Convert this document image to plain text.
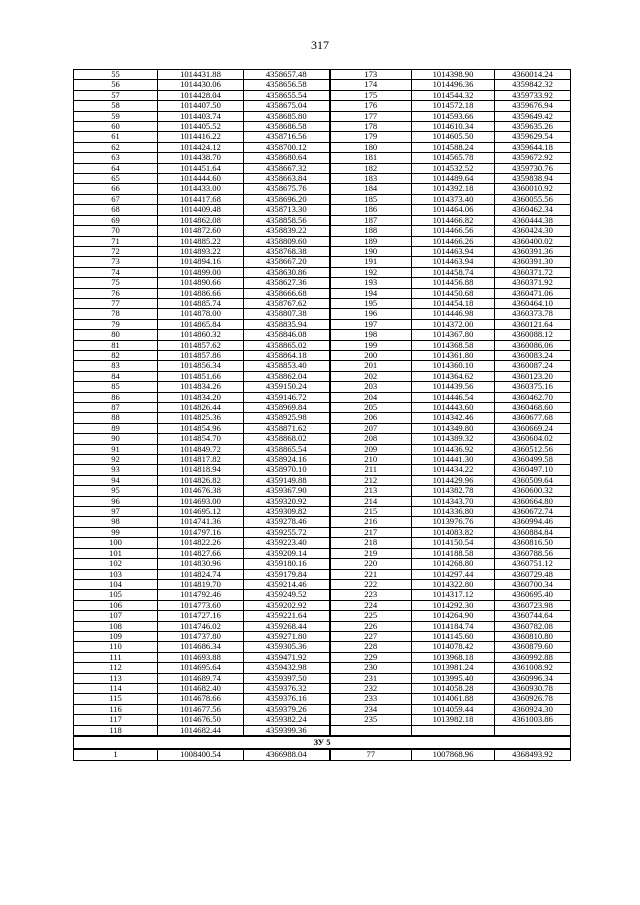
317
55	1014431.88	4358657.48	173	1014398.90	4360014.24
56	1014430.06	4358656.58	174	1014496.36	4359842.32
57	1014428.04	4358655.54	175	1014544.32	4359733.92
58	1014407.50	4358675.04	176	1014572.18	4359676.94
59	1014403.74	4358685.80	177	1014593.66	4359649.42
60	1014405.52	4358686.58	178	1014610.34	4359635.26
61	1014416.22	4358716.56	179	1014605.50	4359629.54
62	1014424.12	4358700.12	180	1014588.24	4359644.18
63	1014438.70	4358680.64	181	1014565.78	4359672.92
64	1014451.64	4358667.32	182	1014532.52	4359730.76
65	1014444.60	4358663.84	183	1014489.64	4359838.94
66	1014433.00	4358675.76	184	1014392.18	4360010.92
67	1014417.68	4358696.20	185	1014373.40	4360055.56
68	1014409.48	4358713.30	186	1014464.06	4360462.34
69	1014862.08	4358858.56	187	1014466.82	4360444.38
70	1014872.60	4358839.22	188	1014466.56	4360424.30
71	1014885.22	4358809.60	189	1014466.26	4360400.02
72	1014893.22	4358768.38	190	1014463.94	4360391.36
73	1014894.16	4358667.20	191	1014463.94	4360391.30
74	1014899.00	4358630.86	192	1014458.74	4360371.72
75	1014890.66	4358627.36	193	1014456.88	4360371.92
76	1014886.66	4358666.68	194	1014450.68	4360471.06
77	1014885.74	4358767.62	195	1014454.18	4360464.10
78	1014878.00	4358807.38	196	1014446.98	4360373.78
79	1014865.84	4358835.94	197	1014372.00	4360121.64
80	1014860.32	4358846.08	198	1014367.80	4360088.12
81	1014857.62	4358865.02	199	1014368.58	4360086.06
82	1014857.86	4358864.18	200	1014361.80	4360083.24
83	1014856.34	4358853.40	201	1014360.10	4360087.24
84	1014851.66	4358862.04	202	1014364.62	4360123.20
85	1014834.26	4359150.24	203	1014439.56	4360375.16
86	1014834.20	4359146.72	204	1014446.54	4360462.70
87	1014826.44	4358969.84	205	1014443.60	4360468.60
88	1014825.36	4358925.98	206	1014342.46	4360677.68
89	1014854.96	4358871.62	207	1014349.80	4360669.24
90	1014854.70	4358868.02	208	1014389.32	4360604.02
91	1014849.72	4358865.54	209	1014436.92	4360512.56
92	1014817.82	4358924.16	210	1014441.30	4360499.58
93	1014818.94	4358970.10	211	1014434.22	4360497.10
94	1014826.82	4359149.88	212	1014429.96	4360509.64
95	1014676.38	4359367.90	213	1014382.78	4360600.32
96	1014693.00	4359320.92	214	1014343.70	4360664.80
97	1014695.12	4359309.82	215	1014336.80	4360672.74
98	1014741.36	4359278.46	216	1013976.76	4360994.46
99	1014797.16	4359255.72	217	1014083.82	4360884.84
100	1014822.26	4359223.40	218	1014150.54	4360816.50
101	1014827.66	4359209.14	219	1014188.58	4360788.56
102	1014830.96	4359180.16	220	1014268.80	4360751.12
103	1014824.74	4359179.84	221	1014297.44	4360729.48
104	1014819.70	4359214.46	222	1014322.80	4360700.34
105	1014792.46	4359249.52	223	1014317.12	4360695.40
106	1014773.60	4359202.92	224	1014292.30	4360723.98
107	1014727.16	4359221.64	225	1014264.90	4360744.64
108	1014746.02	4359268.44	226	1014184.74	4360782.08
109	1014737.80	4359271.80	227	1014145.60	4360810.80
110	1014686.34	4359305.36	228	1014078.42	4360879.60
111	1014693.88	4359471.92	229	1013968.18	4360992.88
112	1014695.64	4359432.98	230	1013981.24	4361008.92
113	1014689.74	4359397.50	231	1013995.40	4360996.34
114	1014682.40	4359376.32	232	1014058.28	4360930.78
115	1014678.66	4359376.16	233	1014061.88	4360926.78
116	1014677.56	4359379.26	234	1014059.44	4360924.30
117	1014676.50	4359382.24	235	1013982.18	4361003.86
118	1014682.44	4359399.36			
ЗУ 5					
1	1008400.54	4366988.04	77	1007868.96	4368493.92
